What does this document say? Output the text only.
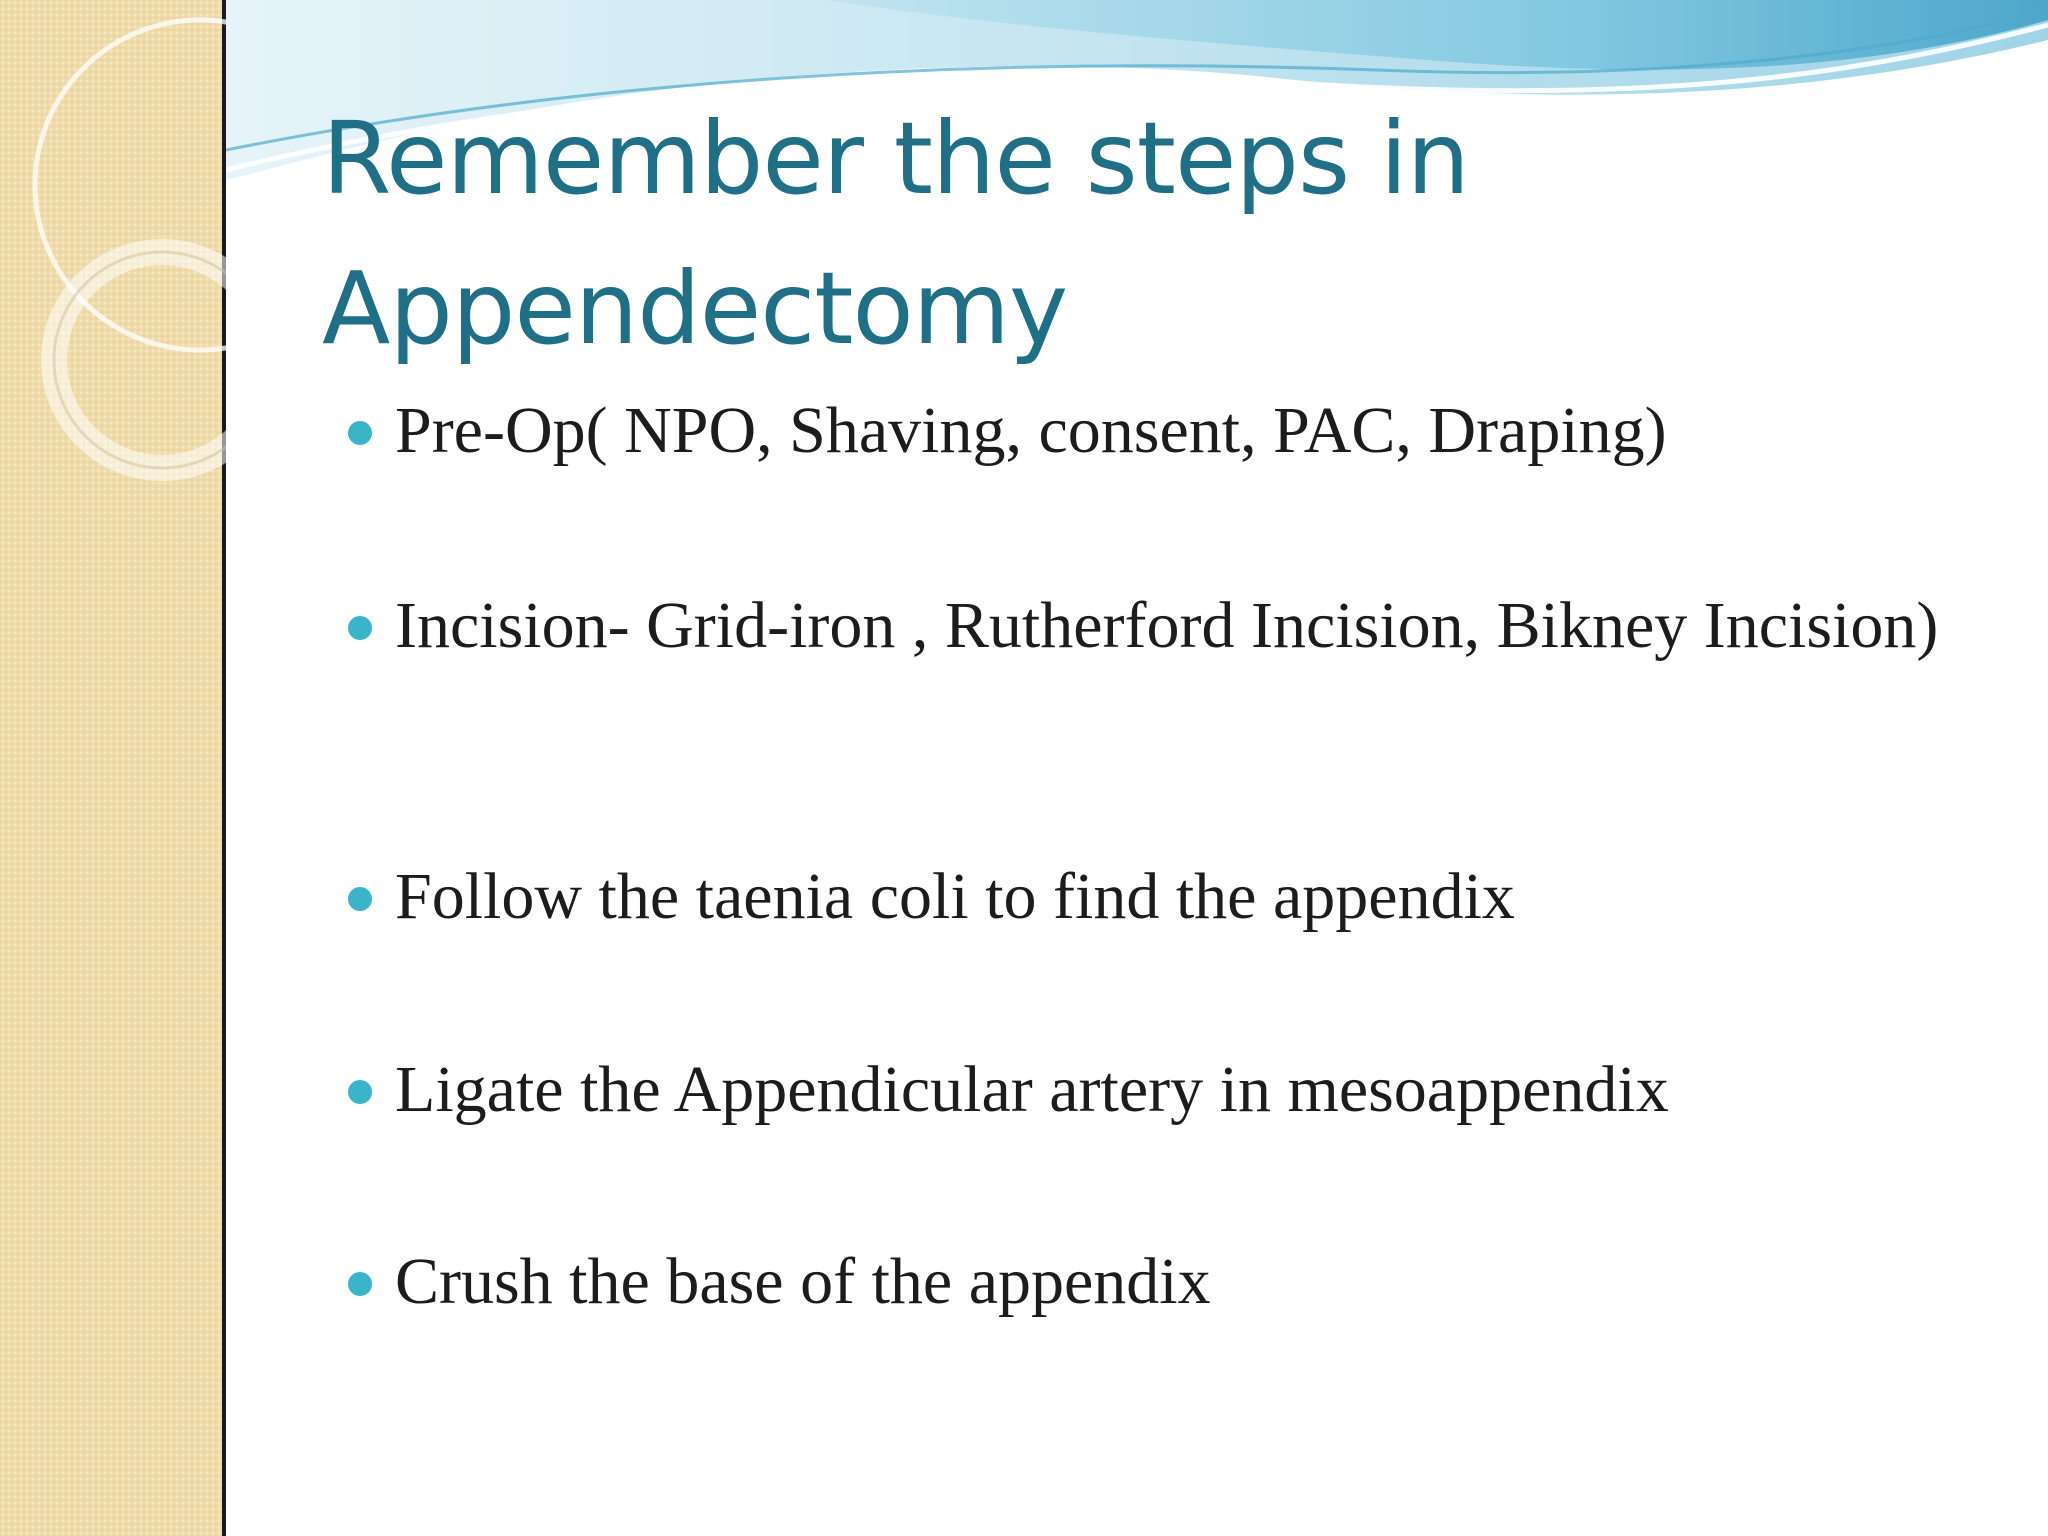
Remember the steps in
Appendectomy
Pre-Op( NPO, Shaving, consent, PAC, Draping)
Incision- Grid-iron , Rutherford Incision, Bikney Incision)
Follow the taenia coli to find the appendix
Ligate the Appendicular artery in mesoappendix
Crush the base of the appendix
